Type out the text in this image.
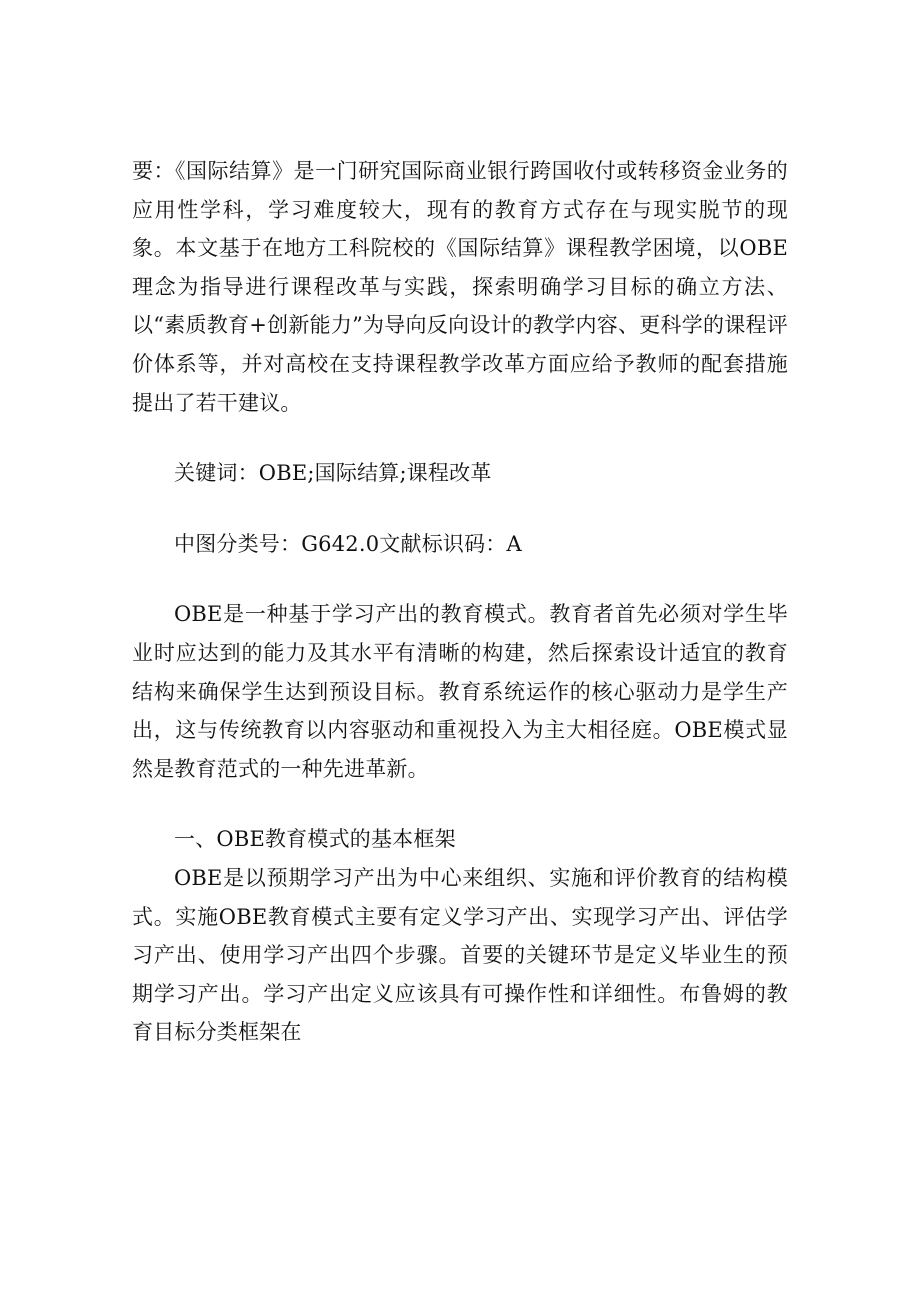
要：《国际结算》是一门研究国际商业银行跨国收付或转移资金业务的应用性学科，学习难度较大，现有的教育方式存在与现实脱节的现象。本文基于在地方工科院校的《国际结算》课程教学困境，以OBE理念为指导进行课程改革与实践，探索明确学习目标的确立方法、以“素质教育+创新能力”为导向反向设计的教学内容、更科学的课程评价体系等，并对高校在支持课程教学改革方面应给予教师的配套措施提出了若干建议。

关键词：OBE;国际结算;课程改革

中图分类号：G642.0文献标识码：A

OBE是一种基于学习产出的教育模式。教育者首先必须对学生毕业时应达到的能力及其水平有清晰的构建，然后探索设计适宜的教育结构来确保学生达到预设目标。教育系统运作的核心驱动力是学生产出，这与传统教育以内容驱动和重视投入为主大相径庭。OBE模式显然是教育范式的一种先进革新。

一、OBE教育模式的基本框架

OBE是以预期学习产出为中心来组织、实施和评价教育的结构模式。实施OBE教育模式主要有定义学习产出、实现学习产出、评估学习产出、使用学习产出四个步骤。首要的关键环节是定义毕业生的预期学习产出。学习产出定义应该具有可操作性和详细性。布鲁姆的教育目标分类框架在
